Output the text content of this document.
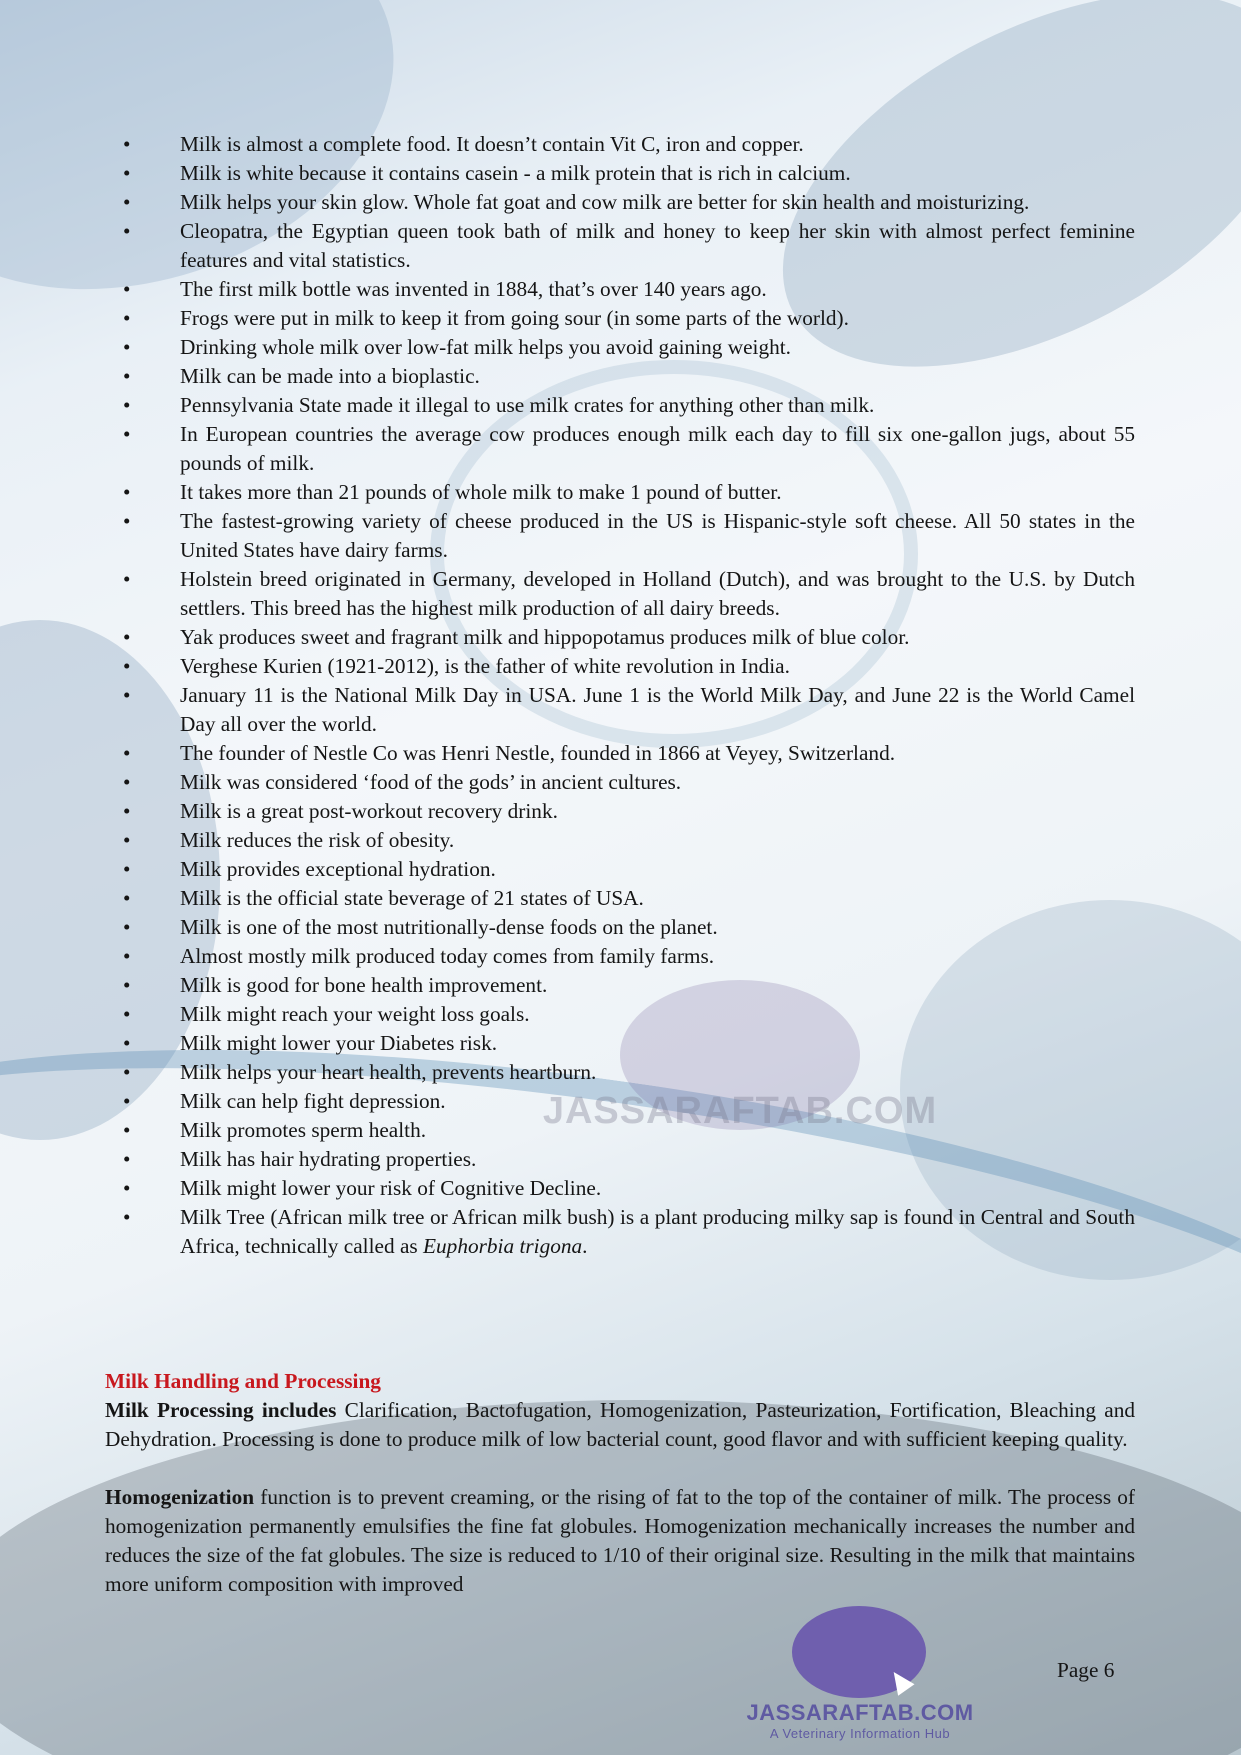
JASSARAFTAB.COM
• Milk is almost a complete food. It doesn’t contain Vit C, iron and copper.
• Milk is white because it contains casein - a milk protein that is rich in calcium.
• Milk helps your skin glow. Whole fat goat and cow milk are better for skin health and moisturizing.
• Cleopatra, the Egyptian queen took bath of milk and honey to keep her skin with almost perfect feminine features and vital statistics.
• The first milk bottle was invented in 1884, that’s over 140 years ago.
• Frogs were put in milk to keep it from going sour (in some parts of the world).
• Drinking whole milk over low-fat milk helps you avoid gaining weight.
• Milk can be made into a bioplastic.
• Pennsylvania State made it illegal to use milk crates for anything other than milk.
• In European countries the average cow produces enough milk each day to fill six one-gallon jugs, about 55 pounds of milk.
• It takes more than 21 pounds of whole milk to make 1 pound of butter.
• The fastest-growing variety of cheese produced in the US is Hispanic-style soft cheese. All 50 states in the United States have dairy farms.
• Holstein breed originated in Germany, developed in Holland (Dutch), and was brought to the U.S. by Dutch settlers. This breed has the highest milk production of all dairy breeds.
• Yak produces sweet and fragrant milk and hippopotamus produces milk of blue color.
• Verghese Kurien (1921-2012), is the father of white revolution in India.
• January 11 is the National Milk Day in USA. June 1 is the World Milk Day, and June 22 is the World Camel Day all over the world.
• The founder of Nestle Co was Henri Nestle, founded in 1866 at Veyey, Switzerland.
• Milk was considered ‘food of the gods’ in ancient cultures.
• Milk is a great post-workout recovery drink.
• Milk reduces the risk of obesity.
• Milk provides exceptional hydration.
• Milk is the official state beverage of 21 states of USA.
• Milk is one of the most nutritionally-dense foods on the planet.
• Almost mostly milk produced today comes from family farms.
• Milk is good for bone health improvement.
• Milk might reach your weight loss goals.
• Milk might lower your Diabetes risk.
• Milk helps your heart health, prevents heartburn.
• Milk can help fight depression.
• Milk promotes sperm health.
• Milk has hair hydrating properties.
• Milk might lower your risk of Cognitive Decline.
• Milk Tree (African milk tree or African milk bush) is a plant producing milky sap is found in Central and South Africa, technically called as Euphorbia trigona.
Milk Handling and Processing

Milk Processing includes Clarification, Bactofugation, Homogenization, Pasteurization, Fortification, Bleaching and Dehydration. Processing is done to produce milk of low bacterial count, good flavor and with sufficient keeping quality.

Homogenization function is to prevent creaming, or the rising of fat to the top of the container of milk. The process of homogenization permanently emulsifies the fine fat globules. Homogenization mechanically increases the number and reduces the size of the fat globules. The size is reduced to 1/10 of their original size. Resulting in the milk that maintains more uniform composition with improved

Page 6
JASSARAFTAB.COM
A Veterinary Information Hub
